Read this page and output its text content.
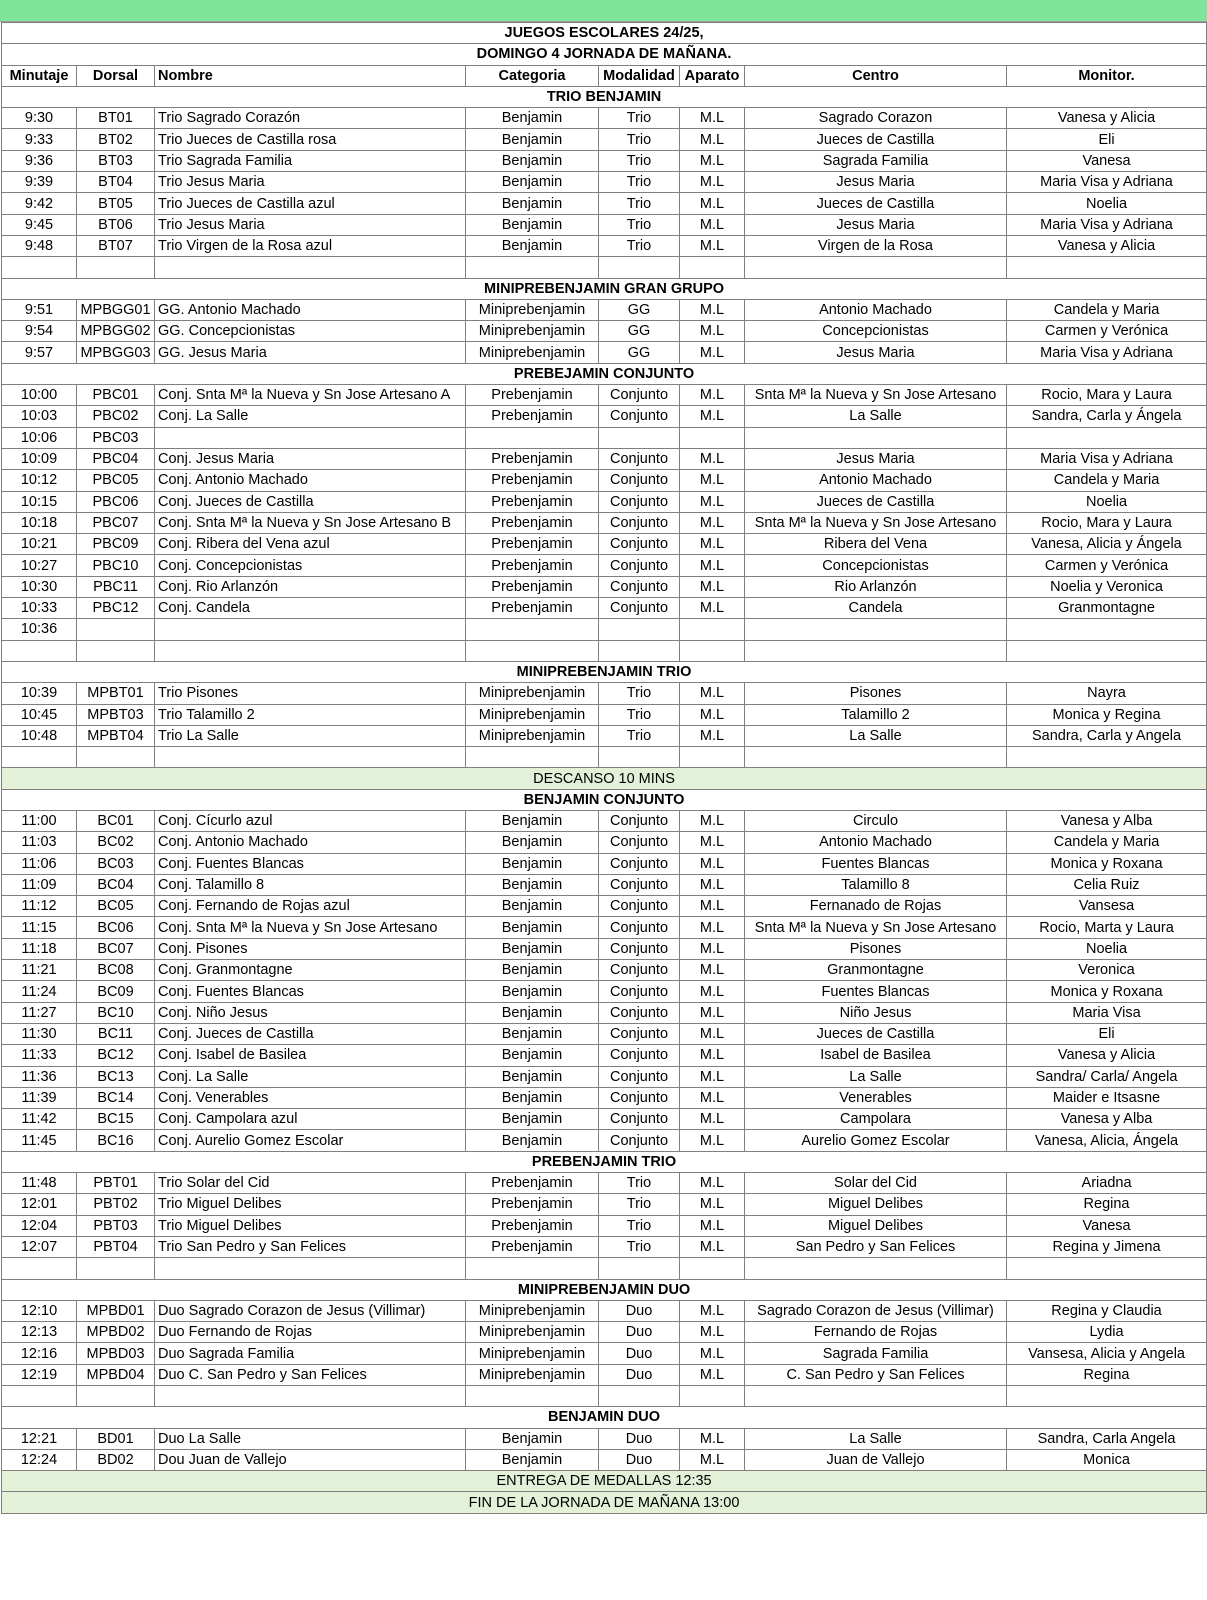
JUEGOS ESCOLARES 24/25,							
DOMINGO 4 JORNADA DE MAÑANA.							
Minutaje	Dorsal	Nombre	Categoria	Modalidad	Aparato	Centro	Monitor.
TRIO BENJAMIN							
9:30	BT01	Trio Sagrado Corazón	Benjamin	Trio	M.L	Sagrado Corazon	Vanesa y Alicia
9:33	BT02	Trio Jueces de Castilla rosa	Benjamin	Trio	M.L	Jueces de Castilla	Eli
9:36	BT03	Trio Sagrada Familia	Benjamin	Trio	M.L	Sagrada Familia	Vanesa
9:39	BT04	Trio Jesus Maria	Benjamin	Trio	M.L	Jesus Maria	Maria Visa y Adriana
9:42	BT05	Trio Jueces de Castilla azul	Benjamin	Trio	M.L	Jueces de Castilla	Noelia
9:45	BT06	Trio Jesus Maria	Benjamin	Trio	M.L	Jesus Maria	Maria Visa y Adriana
9:48	BT07	Trio Virgen de la Rosa azul	Benjamin	Trio	M.L	Virgen de la Rosa	Vanesa y Alicia

MINIPREBENJAMIN GRAN GRUPO							
9:51	MPBGG01	GG. Antonio Machado	Miniprebenjamin	GG	M.L	Antonio Machado	Candela y Maria
9:54	MPBGG02	GG. Concepcionistas	Miniprebenjamin	GG	M.L	Concepcionistas	Carmen y Verónica
9:57	MPBGG03	GG. Jesus Maria	Miniprebenjamin	GG	M.L	Jesus Maria	Maria Visa y Adriana
PREBEJAMIN CONJUNTO							
10:00	PBC01	Conj. Snta Mª la Nueva y Sn Jose Artesano A	Prebenjamin	Conjunto	M.L	Snta Mª la Nueva y Sn Jose Artesano	Rocio, Mara y Laura
10:03	PBC02	Conj. La Salle	Prebenjamin	Conjunto	M.L	La Salle	Sandra, Carla y Ángela
10:06	PBC03						
10:09	PBC04	Conj. Jesus Maria	Prebenjamin	Conjunto	M.L	Jesus Maria	Maria Visa y Adriana
10:12	PBC05	Conj. Antonio Machado	Prebenjamin	Conjunto	M.L	Antonio Machado	Candela y Maria
10:15	PBC06	Conj. Jueces de Castilla	Prebenjamin	Conjunto	M.L	Jueces de Castilla	Noelia
10:18	PBC07	Conj. Snta Mª la Nueva y Sn Jose Artesano B	Prebenjamin	Conjunto	M.L	Snta Mª la Nueva y Sn Jose Artesano	Rocio, Mara y Laura
10:21	PBC09	Conj. Ribera del Vena azul	Prebenjamin	Conjunto	M.L	Ribera del Vena	Vanesa, Alicia y Ángela
10:27	PBC10	Conj. Concepcionistas	Prebenjamin	Conjunto	M.L	Concepcionistas	Carmen y Verónica
10:30	PBC11	Conj. Rio Arlanzón	Prebenjamin	Conjunto	M.L	Rio Arlanzón	Noelia y Veronica
10:33	PBC12	Conj. Candela	Prebenjamin	Conjunto	M.L	Candela	Granmontagne
10:36							

MINIPREBENJAMIN TRIO							
10:39	MPBT01	Trio Pisones	Miniprebenjamin	Trio	M.L	Pisones	Nayra
10:45	MPBT03	Trio Talamillo 2	Miniprebenjamin	Trio	M.L	Talamillo 2	Monica y Regina
10:48	MPBT04	Trio La Salle	Miniprebenjamin	Trio	M.L	La Salle	Sandra, Carla y Angela

DESCANSO 10 MINS							
BENJAMIN CONJUNTO							
11:00	BC01	Conj. Cícurlo azul	Benjamin	Conjunto	M.L	Circulo	Vanesa y Alba
11:03	BC02	Conj. Antonio Machado	Benjamin	Conjunto	M.L	Antonio Machado	Candela y Maria
11:06	BC03	Conj. Fuentes Blancas	Benjamin	Conjunto	M.L	Fuentes Blancas	Monica y Roxana
11:09	BC04	Conj. Talamillo 8	Benjamin	Conjunto	M.L	Talamillo 8	Celia Ruiz
11:12	BC05	Conj. Fernando de Rojas azul	Benjamin	Conjunto	M.L	Fernanado de Rojas	Vansesa
11:15	BC06	Conj. Snta Mª la Nueva y Sn Jose Artesano	Benjamin	Conjunto	M.L	Snta Mª la Nueva y Sn Jose Artesano	Rocio, Marta y Laura
11:18	BC07	Conj. Pisones	Benjamin	Conjunto	M.L	Pisones	Noelia
11:21	BC08	Conj. Granmontagne	Benjamin	Conjunto	M.L	Granmontagne	Veronica
11:24	BC09	Conj. Fuentes Blancas	Benjamin	Conjunto	M.L	Fuentes Blancas	Monica y Roxana
11:27	BC10	Conj. Niño Jesus	Benjamin	Conjunto	M.L	Niño Jesus	Maria Visa
11:30	BC11	Conj. Jueces de Castilla	Benjamin	Conjunto	M.L	Jueces de Castilla	Eli
11:33	BC12	Conj. Isabel de Basilea	Benjamin	Conjunto	M.L	Isabel de Basilea	Vanesa y Alicia
11:36	BC13	Conj. La Salle	Benjamin	Conjunto	M.L	La Salle	Sandra/ Carla/ Angela
11:39	BC14	Conj. Venerables	Benjamin	Conjunto	M.L	Venerables	Maider e Itsasne
11:42	BC15	Conj. Campolara azul	Benjamin	Conjunto	M.L	Campolara	Vanesa y Alba
11:45	BC16	Conj. Aurelio Gomez Escolar	Benjamin	Conjunto	M.L	Aurelio Gomez Escolar	Vanesa, Alicia, Ángela
PREBENJAMIN TRIO							
11:48	PBT01	Trio Solar del Cid	Prebenjamin	Trio	M.L	Solar del Cid	Ariadna
12:01	PBT02	Trio Miguel Delibes	Prebenjamin	Trio	M.L	Miguel Delibes	Regina
12:04	PBT03	Trio Miguel Delibes	Prebenjamin	Trio	M.L	Miguel Delibes	Vanesa
12:07	PBT04	Trio San Pedro y San Felices	Prebenjamin	Trio	M.L	San Pedro y San Felices	Regina y Jimena

MINIPREBENJAMIN DUO							
12:10	MPBD01	Duo Sagrado Corazon de Jesus (Villimar)	Miniprebenjamin	Duo	M.L	Sagrado Corazon de Jesus (Villimar)	Regina y Claudia
12:13	MPBD02	Duo Fernando de Rojas	Miniprebenjamin	Duo	M.L	Fernando de Rojas	Lydia
12:16	MPBD03	Duo Sagrada Familia	Miniprebenjamin	Duo	M.L	Sagrada Familia	Vansesa, Alicia y Angela
12:19	MPBD04	Duo C. San Pedro y San Felices	Miniprebenjamin	Duo	M.L	C. San Pedro y San Felices	Regina

BENJAMIN DUO							
12:21	BD01	Duo La Salle	Benjamin	Duo	M.L	La Salle	Sandra, Carla Angela
12:24	BD02	Dou Juan de Vallejo	Benjamin	Duo	M.L	Juan de Vallejo	Monica
ENTREGA DE MEDALLAS 12:35							
FIN DE LA JORNADA DE MAÑANA 13:00							
